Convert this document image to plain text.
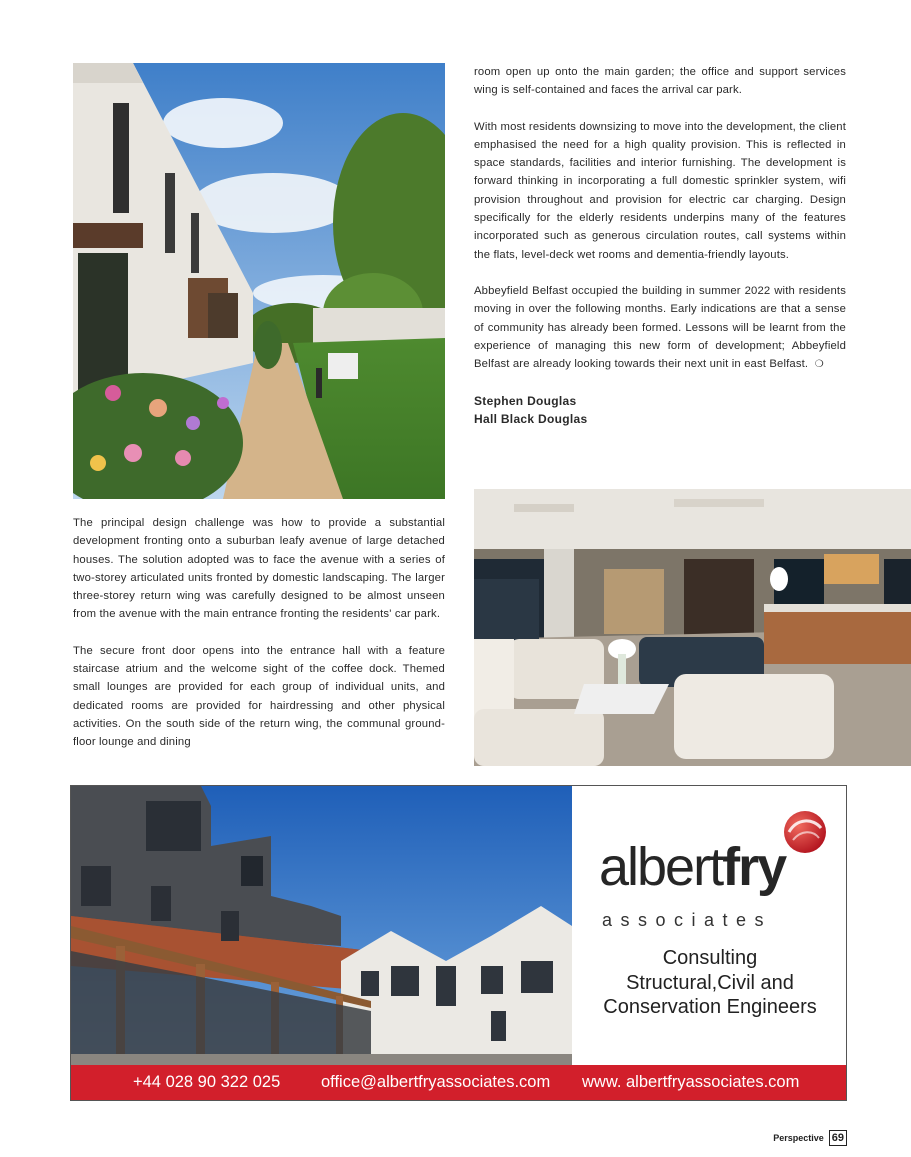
room open up onto the main garden; the office and support services wing is self-contained and faces the arrival car park.

With most residents downsizing to move into the development, the client emphasised the need for a high quality provision. This is reflected in space standards, facilities and interior furnishing. The development is forward thinking in incorporating a full domestic sprinkler system, wifi provision throughout and provision for electric car charging. Design specifically for the elderly residents underpins many of the features incorporated such as generous circulation routes, call systems within the flats, level-deck wet rooms and dementia-friendly layouts.

Abbeyfield Belfast occupied the building in summer 2022 with residents moving in over the following months. Early indications are that a sense of community has already been formed. Lessons will be learnt from the experience of managing this new form of development; Abbeyfield Belfast are already looking towards their next unit in east Belfast. ❍

Stephen Douglas
Hall Black Douglas

The principal design challenge was how to provide a substantial development fronting onto a suburban leafy avenue of large detached houses. The solution adopted was to face the avenue with a series of two-storey articulated units fronted by domestic landscaping. The larger three-storey return wing was carefully designed to be almost unseen from the avenue with the main entrance fronting the residents' car park.

The secure front door opens into the entrance hall with a feature staircase atrium and the welcome sight of the coffee dock. Themed small lounges are provided for each group of individual units, and dedicated rooms are provided for hairdressing and other physical activities. On the south side of the return wing, the communal ground-floor lounge and dining

albertfry
associates
Consulting
Structural,Civil and
Conservation Engineers
+44 028 90 322 025 office@albertfryassociates.com www. albertfryassociates.com
Perspective 69
